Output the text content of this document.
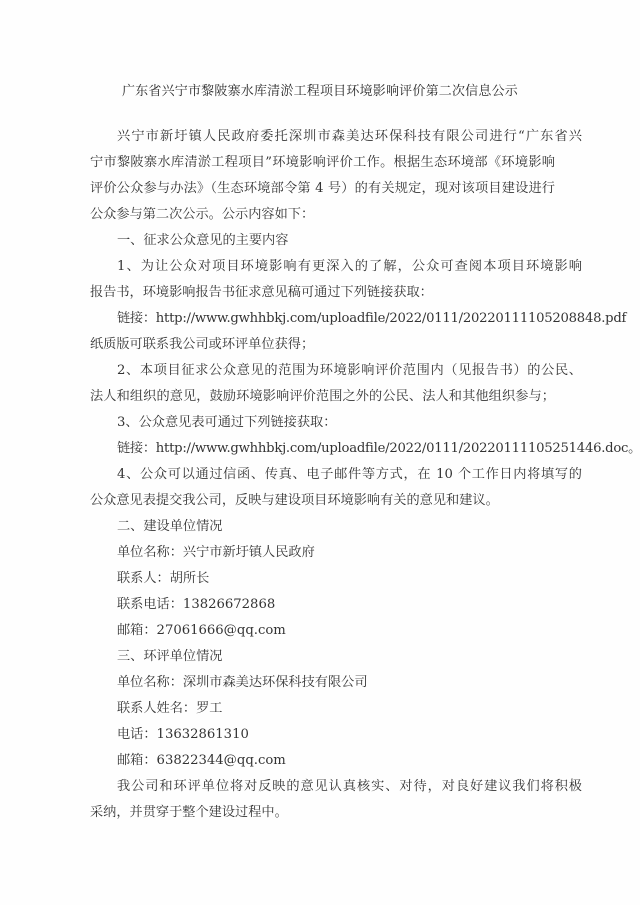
广东省兴宁市黎陂寨水库清淤工程项目环境影响评价第二次信息公示
兴宁市新圩镇人民政府委托深圳市森美达环保科技有限公司进行“广东省兴
宁市黎陂寨水库清淤工程项目”环境影响评价工作。根据生态环境部《环境影响
评价公众参与办法》（生态环境部令第 4 号）的有关规定，现对该项目建设进行
公众参与第二次公示。公示内容如下：
一、征求公众意见的主要内容
1、为让公众对项目环境影响有更深入的了解，公众可查阅本项目环境影响
报告书，环境影响报告书征求意见稿可通过下列链接获取：
链接：http://www.gwhhbkj.com/uploadfile/2022/0111/20220111105208848.pdf
纸质版可联系我公司或环评单位获得；
2、本项目征求公众意见的范围为环境影响评价范围内（见报告书）的公民、
法人和组织的意见，鼓励环境影响评价范围之外的公民、法人和其他组织参与；
3、公众意见表可通过下列链接获取：
链接：http://www.gwhhbkj.com/uploadfile/2022/0111/20220111105251446.doc。
4、公众可以通过信函、传真、电子邮件等方式，在 10 个工作日内将填写的
公众意见表提交我公司，反映与建设项目环境影响有关的意见和建议。
二、建设单位情况
单位名称：兴宁市新圩镇人民政府
联系人：胡所长
联系电话：13826672868
邮箱：27061666@qq.com
三、环评单位情况
单位名称：深圳市森美达环保科技有限公司
联系人姓名：罗工
电话：13632861310
邮箱：63822344@qq.com
我公司和环评单位将对反映的意见认真核实、对待，对良好建议我们将积极
采纳，并贯穿于整个建设过程中。
